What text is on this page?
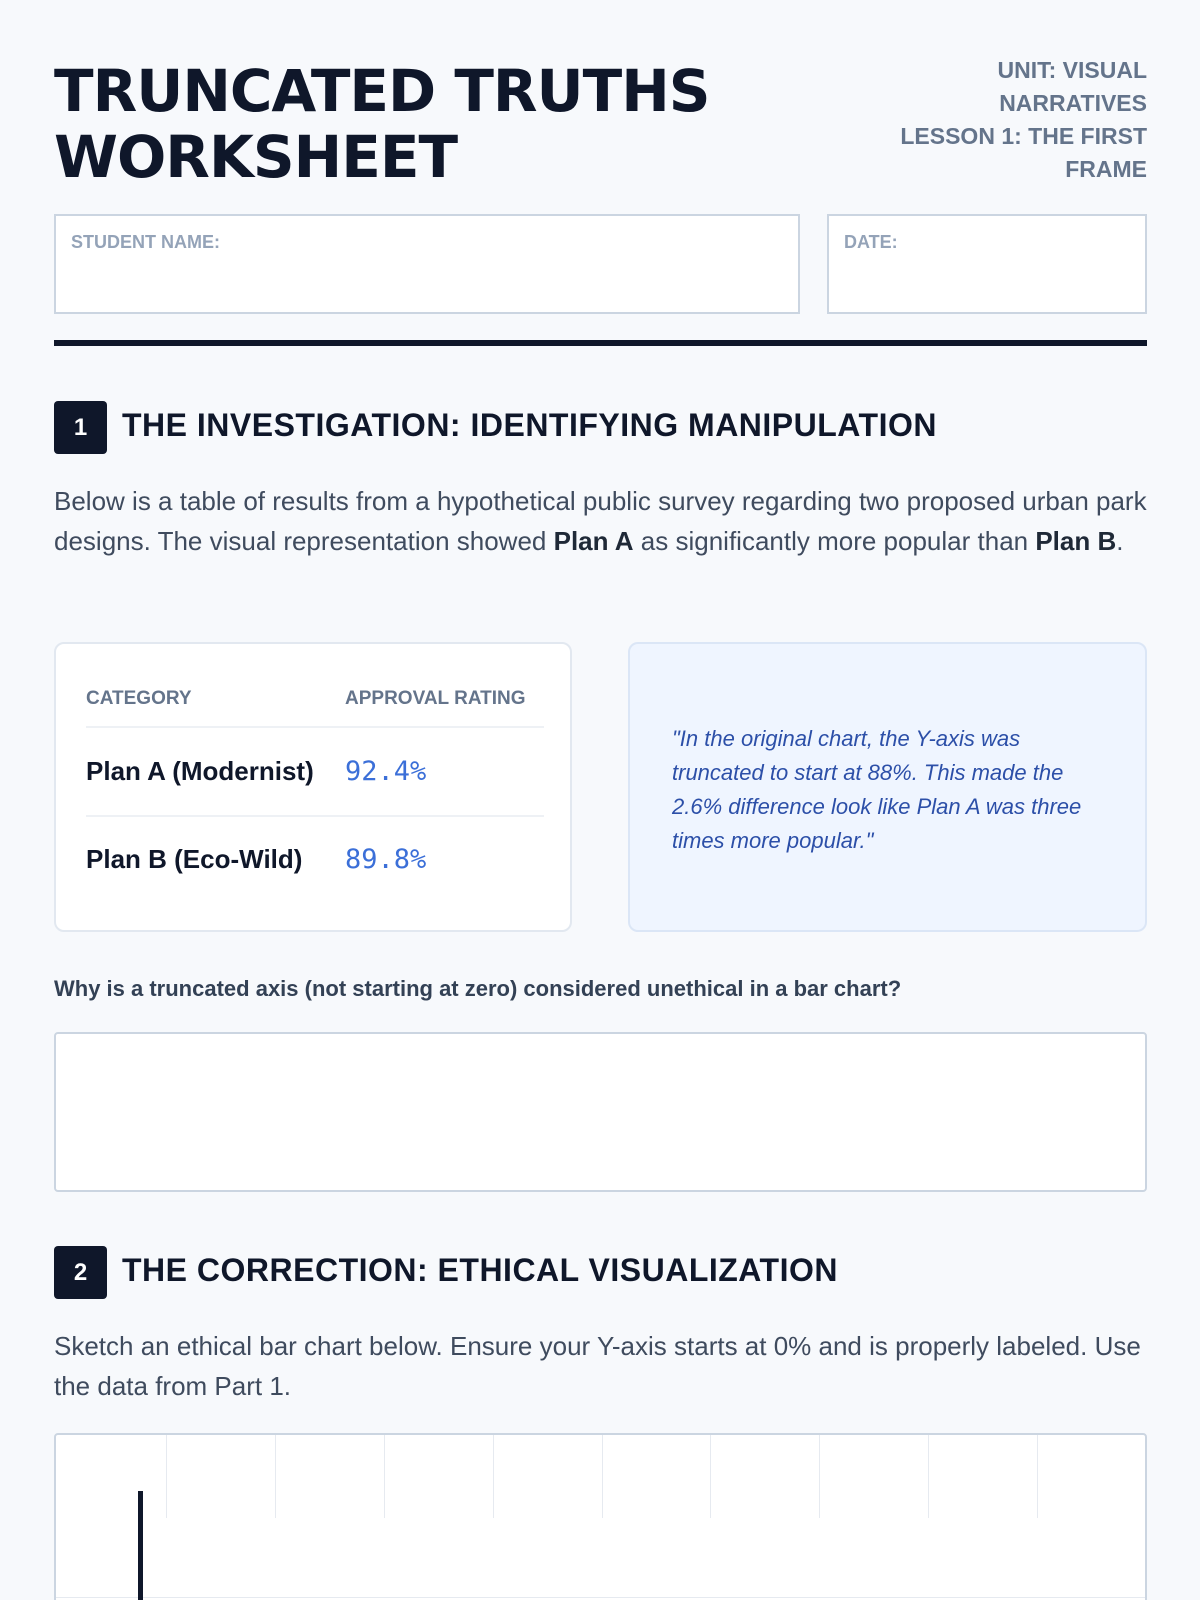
TRUNCATED TRUTHS WORKSHEET
UNIT: VISUAL NARRATIVES
LESSON 1: THE FIRST FRAME
STUDENT NAME:	DATE:
1	THE INVESTIGATION: IDENTIFYING MANIPULATION
Below is a table of results from a hypothetical public survey regarding two proposed urban park designs. The visual representation showed Plan A as significantly more popular than Plan B.
CATEGORY	APPROVAL RATING
Plan A (Modernist) 92.4%
Plan B (Eco-Wild) 89.8%
"In the original chart, the Y-axis was truncated to start at 88%. This made the 2.6% difference look like Plan A was three times more popular."
Why is a truncated axis (not starting at zero) considered unethical in a bar chart?
2	THE CORRECTION: ETHICAL VISUALIZATION
Sketch an ethical bar chart below. Ensure your Y-axis starts at 0% and is properly labeled. Use the data from Part 1.
